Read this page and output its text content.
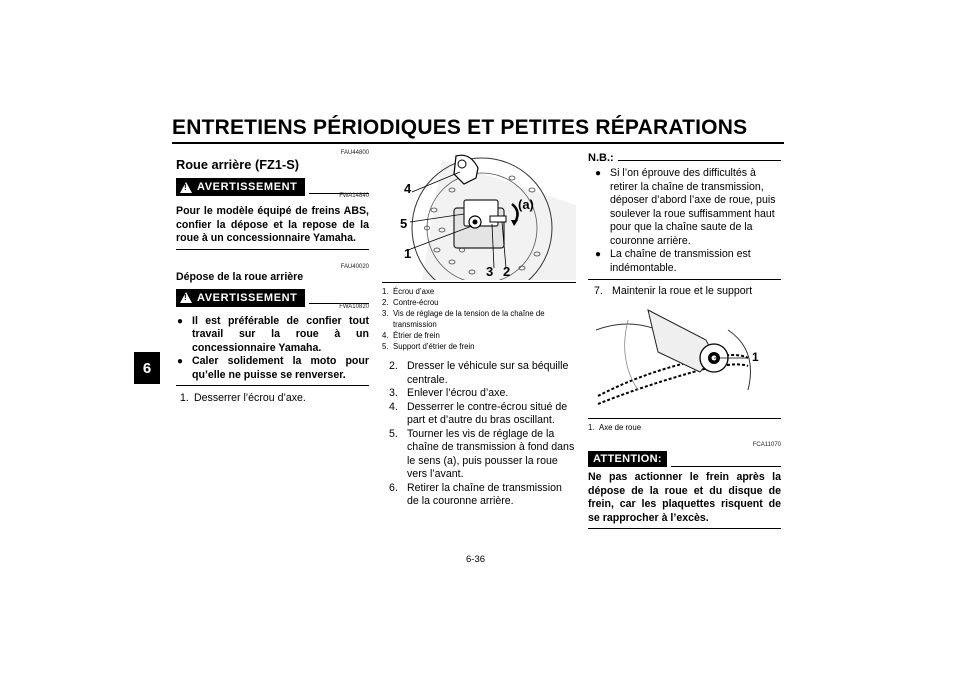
ENTRETIENS PÉRIODIQUES ET PETITES RÉPARATIONS
6
FAU44800
Roue arrière (FZ1-S)
! AVERTISSEMENT
FWA14840
Pour le modèle équipé de freins ABS, confier la dépose et la repose de la roue à un concessionnaire Yamaha.
FAU40020
Dépose de la roue arrière
! AVERTISSEMENT
FWA10820
● Il est préférable de confier tout travail sur la roue à un concessionnaire Yamaha.
● Caler solidement la moto pour qu’elle ne puisse se renverser.
1. Desserrer l’écrou d’axe.
4
5
1
3 2
(a)
1. Écrou d’axe
2. Contre-écrou
3. Vis de réglage de la tension de la chaîne de transmission
4. Étrier de frein
5. Support d’étrier de frein
2. Dresser le véhicule sur sa béquille centrale.
3. Enlever l’écrou d’axe.
4. Desserrer le contre-écrou situé de part et d’autre du bras oscillant.
5. Tourner les vis de réglage de la chaîne de transmission à fond dans le sens (a), puis pousser la roue vers l’avant.
6. Retirer la chaîne de transmission de la couronne arrière.
N.B.:
● Si l’on éprouve des difficultés à retirer la chaîne de transmission, déposer d’abord l’axe de roue, puis soulever la roue suffisamment haut pour que la chaîne saute de la couronne arrière.
● La chaîne de transmission est indémontable.
7. Maintenir la roue et le support
1
1. Axe de roue
FCA11070
ATTENTION:
Ne pas actionner le frein après la dépose de la roue et du disque de frein, car les plaquettes risquent de se rapprocher à l’excès.
6-36
